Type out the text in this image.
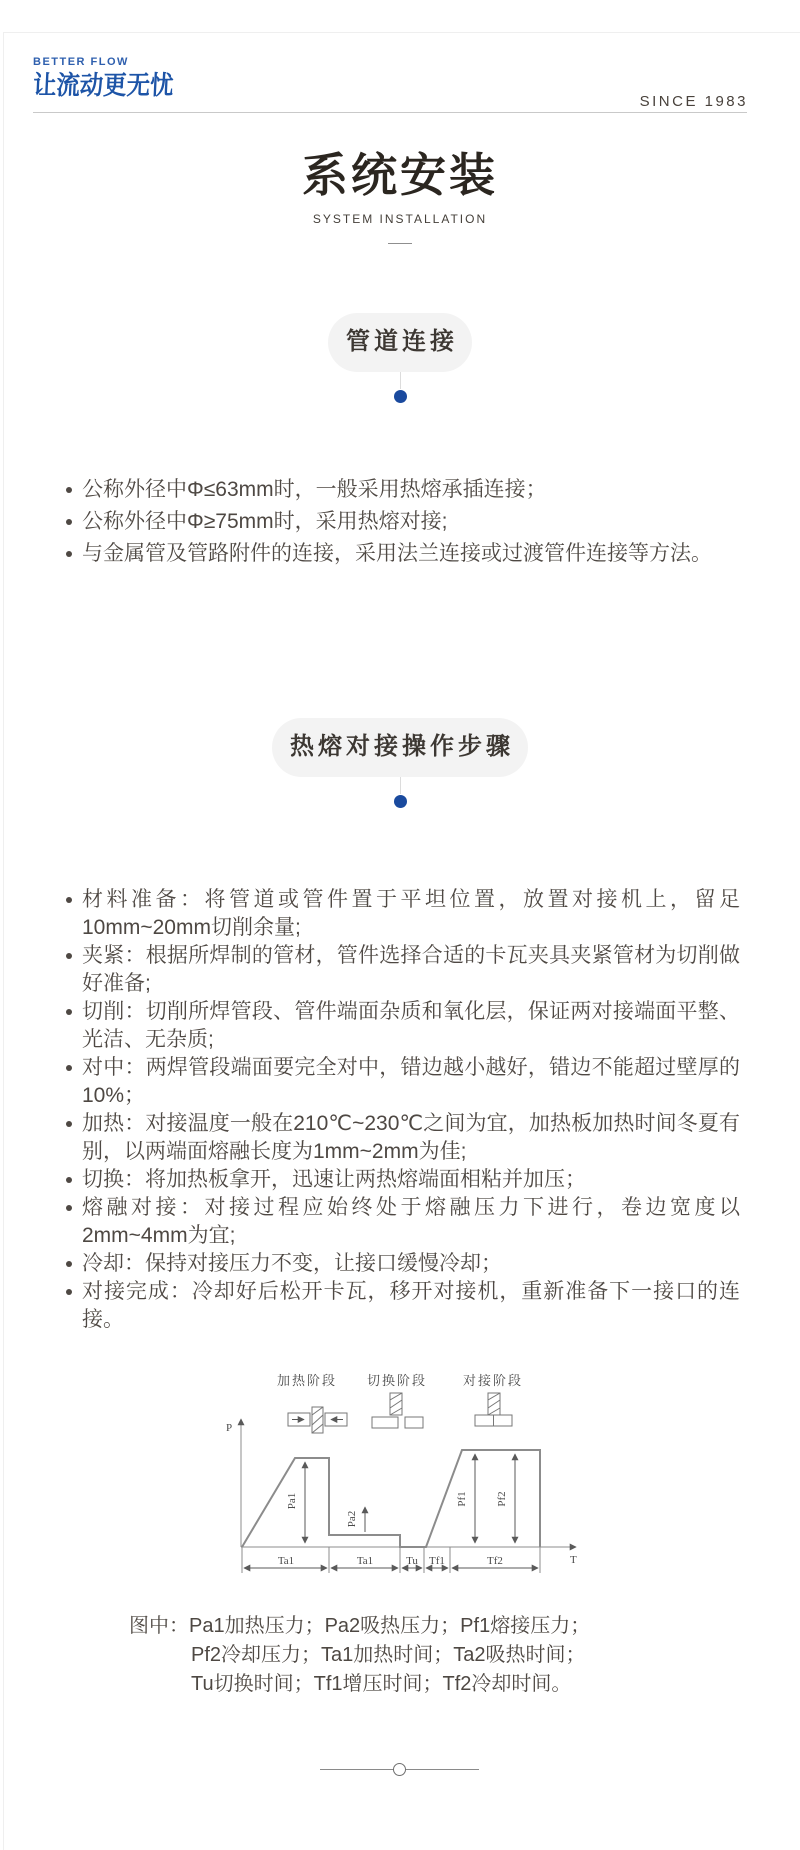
BETTER FLOW
让流动更无忧
SINCE 1983
系统安装
SYSTEM INSTALLATION
管道连接
公称外径中Φ≤63mm时，一般采用热熔承插连接；
公称外径中Φ≥75mm时，采用热熔对接;
与金属管及管路附件的连接，采用法兰连接或过渡管件连接等方法。
热熔对接操作步骤
材料准备：将管道或管件置于平坦位置，放置对接机上，留足10mm~20mm切削余量;
夹紧：根据所焊制的管材，管件选择合适的卡瓦夹具夹紧管材为切削做好准备;
切削：切削所焊管段、管件端面杂质和氧化层，保证两对接端面平整、光洁、无杂质;
对中：两焊管段端面要完全对中，错边越小越好，错边不能超过壁厚的10%；
加热：对接温度一般在210℃~230℃之间为宜，加热板加热时间冬夏有别，以两端面熔融长度为1mm~2mm为佳;
切换：将加热板拿开，迅速让两热熔端面相粘并加压；
熔融对接：对接过程应始终处于熔融压力下进行，卷边宽度以2mm~4mm为宜;
冷却：保持对接压力不变，让接口缓慢冷却；
对接完成：冷却好后松开卡瓦，移开对接机，重新准备下一接口的连接。
加热阶段 切换阶段	对接阶段
P
T
Ta1	Ta1	Tu Tf1	Tf2
Pa1
Pa2
Pf1	Pf2
图中：Pa1加热压力；Pa2吸热压力；Pf1熔接压力；
Pf2冷却压力；Ta1加热时间；Ta2吸热时间；
Tu切换时间；Tf1增压时间；Tf2冷却时间。
